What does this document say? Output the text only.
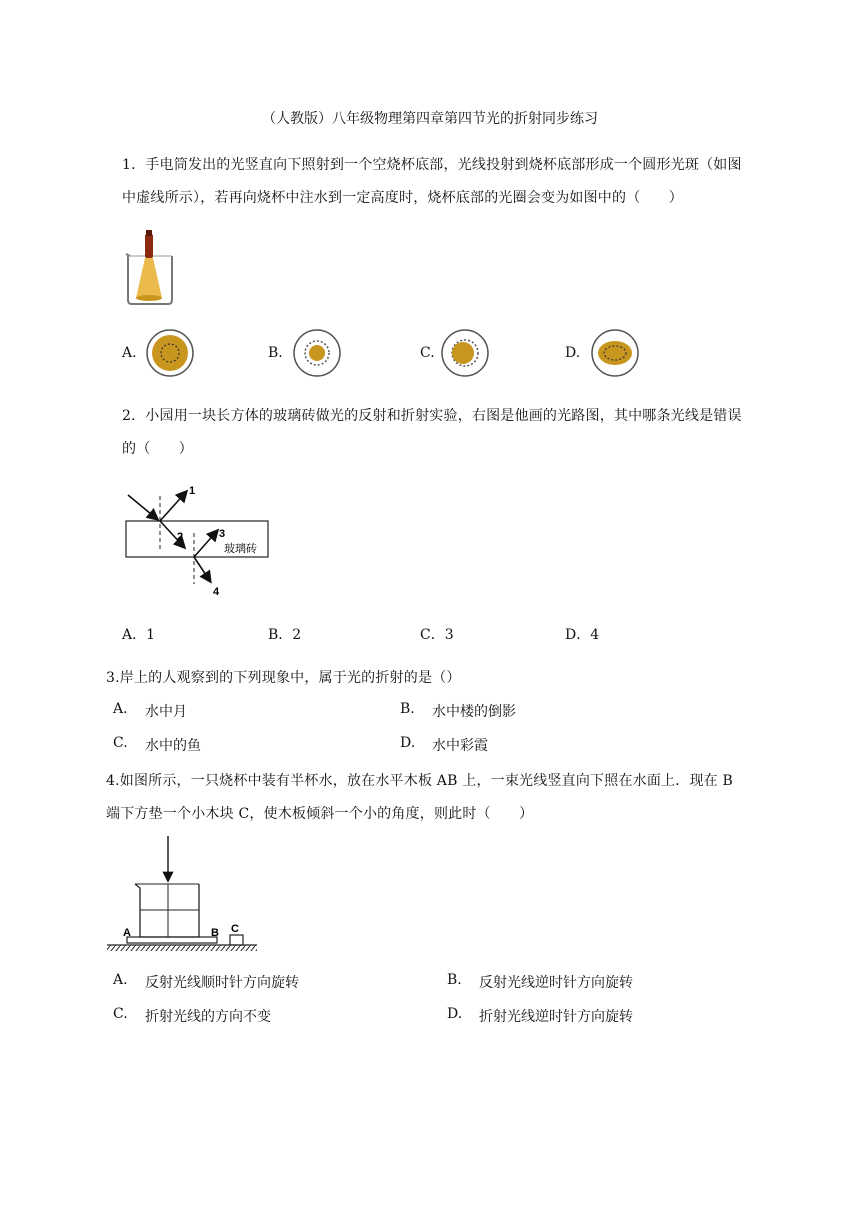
（人教版）八年级物理第四章第四节光的折射同步练习
1．手电筒发出的光竖直向下照射到一个空烧杯底部，光线投射到烧杯底部形成一个圆形光斑（如图
中虚线所示），若再向烧杯中注水到一定高度时，烧杯底部的光圈会变为如图中的（　　）
A.	B.	C.	D.
2．小园用一块长方体的玻璃砖做光的反射和折射实验，右图是他画的光路图，其中哪条光线是错误
的（　　）
1
2	3
4
玻璃砖
A．1	B．2	C．3	D．4
3.岸上的人观察到的下列现象中，属于光的折射的是（）
A. 水中月	B. 水中楼的倒影
C. 水中的鱼	D. 水中彩霞
4.如图所示，一只烧杯中装有半杯水，放在水平木板 AB 上，一束光线竖直向下照在水面上．现在 B
端下方垫一个小木块 C，使木板倾斜一个小的角度，则此时（　　）
A	B C
A. 反射光线顺时针方向旋转	B. 反射光线逆时针方向旋转
C. 折射光线的方向不变	D. 折射光线逆时针方向旋转
